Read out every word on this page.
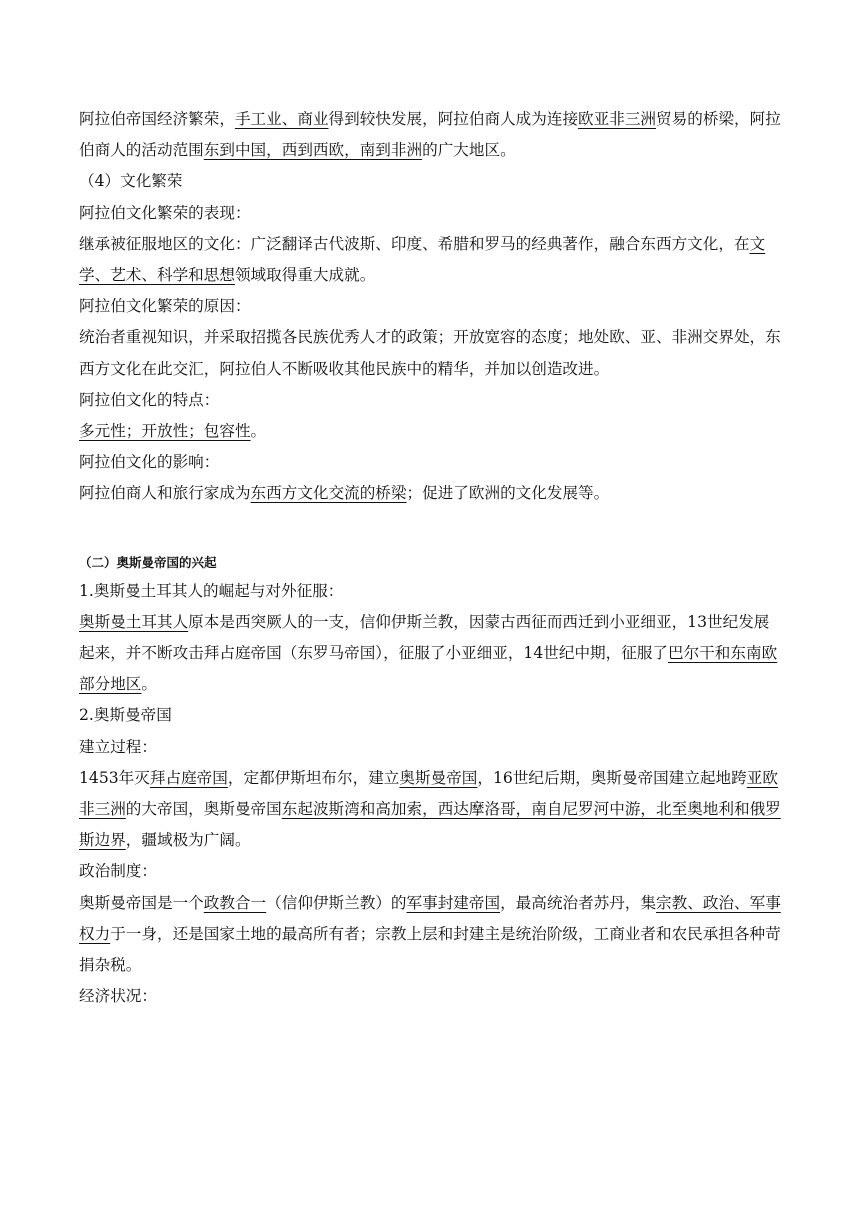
阿拉伯帝国经济繁荣，手工业、商业得到较快发展，阿拉伯商人成为连接欧亚非三洲贸易的桥梁，阿拉伯商人的活动范围东到中国，西到西欧，南到非洲的广大地区。

（4）文化繁荣

阿拉伯文化繁荣的表现：

继承被征服地区的文化：广泛翻译古代波斯、印度、希腊和罗马的经典著作，融合东西方文化，在文学、艺术、科学和思想领域取得重大成就。

阿拉伯文化繁荣的原因：

统治者重视知识，并采取招揽各民族优秀人才的政策；开放宽容的态度；地处欧、亚、非洲交界处，东西方文化在此交汇，阿拉伯人不断吸收其他民族中的精华，并加以创造改进。

阿拉伯文化的特点：

多元性；开放性；包容性。

阿拉伯文化的影响：

阿拉伯商人和旅行家成为东西方文化交流的桥梁；促进了欧洲的文化发展等。

（二）奥斯曼帝国的兴起

1.奥斯曼土耳其人的崛起与对外征服：

奥斯曼土耳其人原本是西突厥人的一支，信仰伊斯兰教，因蒙古西征而西迁到小亚细亚，13世纪发展起来，并不断攻击拜占庭帝国（东罗马帝国），征服了小亚细亚，14世纪中期，征服了巴尔干和东南欧部分地区。

2.奥斯曼帝国

建立过程：

1453年灭拜占庭帝国，定都伊斯坦布尔，建立奥斯曼帝国，16世纪后期，奥斯曼帝国建立起地跨亚欧非三洲的大帝国，奥斯曼帝国东起波斯湾和高加索，西达摩洛哥，南自尼罗河中游，北至奥地利和俄罗斯边界，疆域极为广阔。

政治制度：

奥斯曼帝国是一个政教合一（信仰伊斯兰教）的军事封建帝国，最高统治者苏丹，集宗教、政治、军事权力于一身，还是国家土地的最高所有者；宗教上层和封建主是统治阶级，工商业者和农民承担各种苛捐杂税。

经济状况：
